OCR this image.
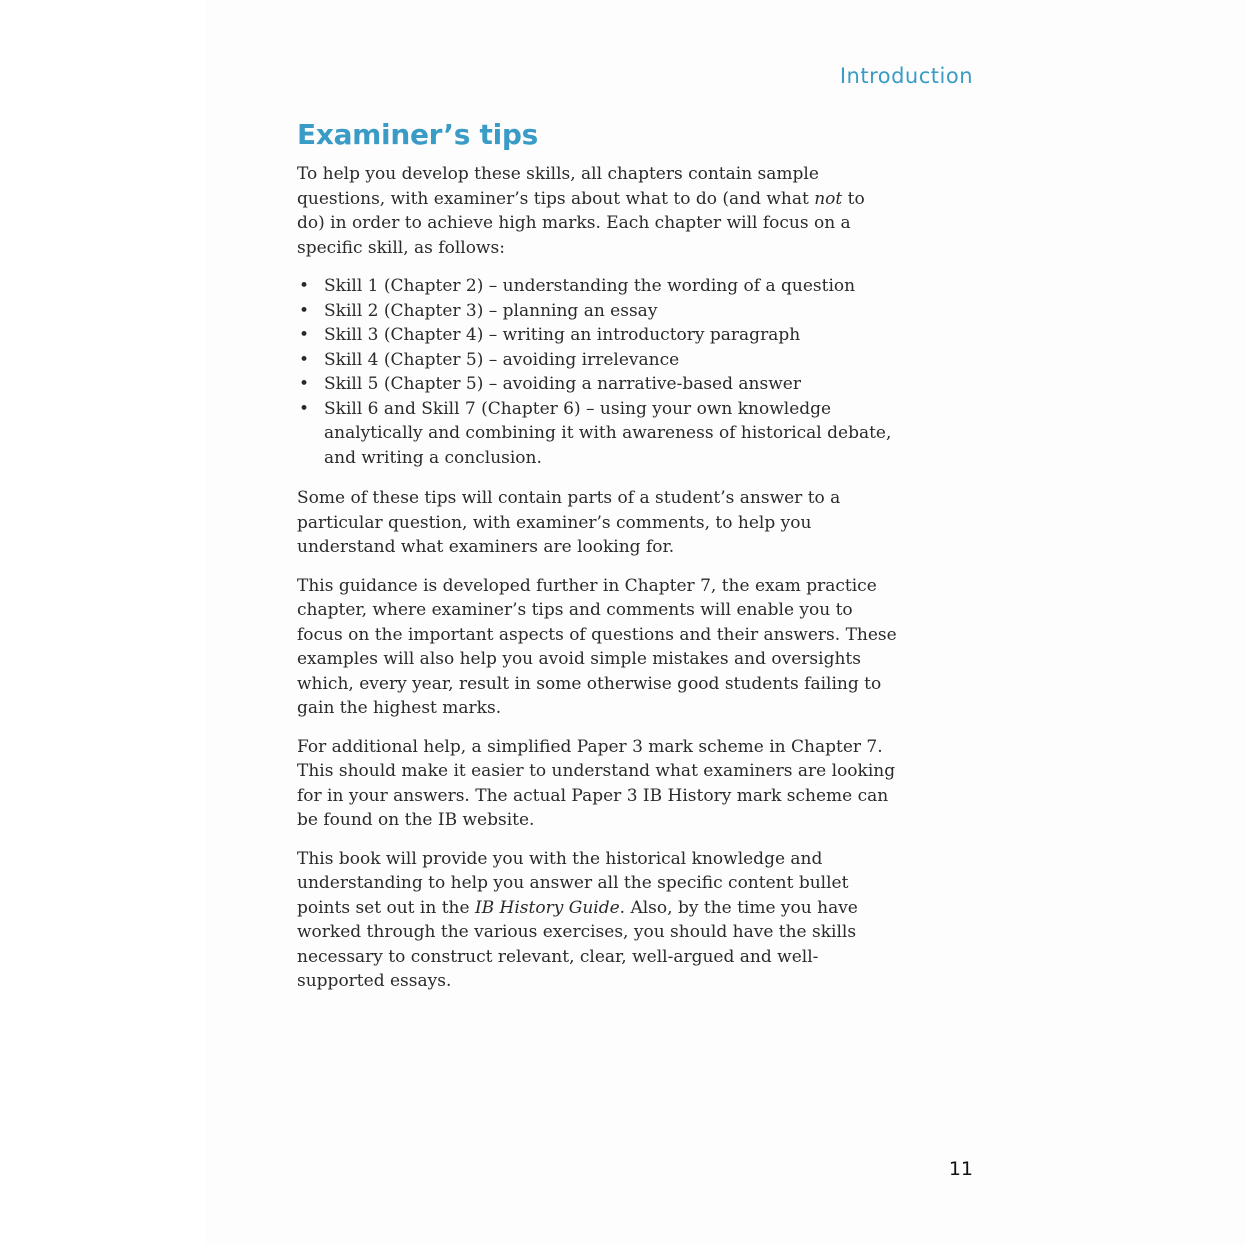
Introduction
Examiner’s tips

To help you develop these skills, all chapters contain sample questions, with examiner’s tips about what to do (and what not to do) in order to achieve high marks. Each chapter will focus on a specific skill, as follows:

• Skill 1 (Chapter 2) – understanding the wording of a question
• Skill 2 (Chapter 3) – planning an essay
• Skill 3 (Chapter 4) – writing an introductory paragraph
• Skill 4 (Chapter 5) – avoiding irrelevance
• Skill 5 (Chapter 5) – avoiding a narrative-based answer
• Skill 6 and Skill 7 (Chapter 6) – using your own knowledge analytically and combining it with awareness of historical debate, and writing a conclusion.

Some of these tips will contain parts of a student’s answer to a particular question, with examiner’s comments, to help you understand what examiners are looking for.

This guidance is developed further in Chapter 7, the exam practice chapter, where examiner’s tips and comments will enable you to focus on the important aspects of questions and their answers. These examples will also help you avoid simple mistakes and oversights which, every year, result in some otherwise good students failing to gain the highest marks.

For additional help, a simplified Paper 3 mark scheme in Chapter 7. This should make it easier to understand what examiners are looking for in your answers. The actual Paper 3 IB History mark scheme can be found on the IB website.

This book will provide you with the historical knowledge and understanding to help you answer all the specific content bullet points set out in the IB History Guide. Also, by the time you have worked through the various exercises, you should have the skills necessary to construct relevant, clear, well-argued and well-supported essays.

11
